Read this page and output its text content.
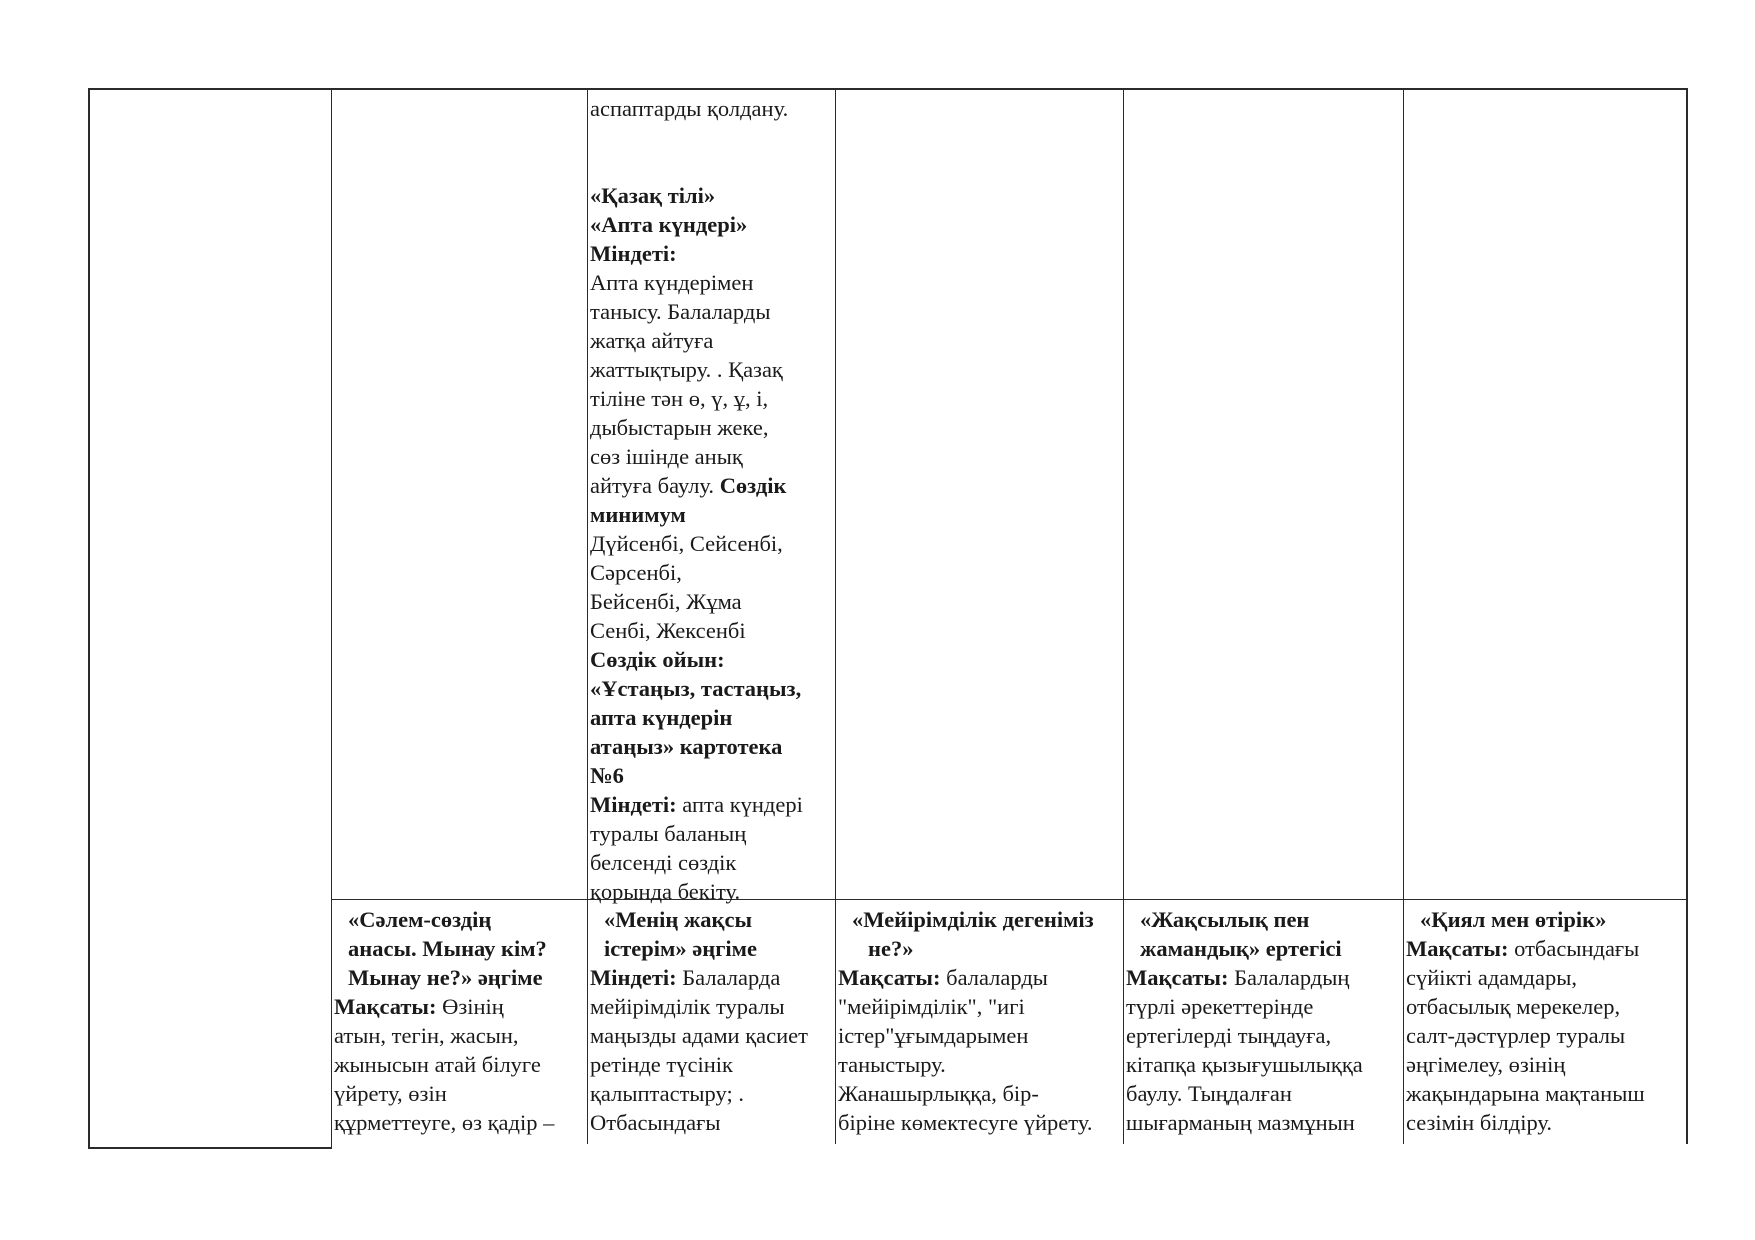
аспаптарды қолдану.

«Қазақ тілі»

«Апта күндері»

Міндеті:

Апта күндерімен

танысу. Балаларды

жатқа айтуға

жаттықтыру. . Қазақ

тіліне тән ө, ү, ұ, і,

дыбыстарын жеке,

сөз ішінде анық

айтуға баулу. Сөздік

минимум

Дүйсенбі, Сейсенбі,

Сәрсенбі,

Бейсенбі, Жұма

Сенбі, Жексенбі

Сөздік ойын:

«Ұстаңыз, тастаңыз,

апта күндерін

атаңыз» картотека

№6

Міндеті: апта күндері

туралы баланың

белсенді сөздік

қорында бекіту.

«Сәлем-сөздің

анасы. Мынау кім?

Мынау не?» әңгіме

Мақсаты: Өзінің

атын, тегін, жасын,

жынысын атай білуге

үйрету, өзін

құрметтеуге, өз қадір –

«Менің жақсы

істерім» әңгіме

Міндеті: Балаларда

мейірімділік туралы

маңызды адами қасиет

ретінде түсінік

қалыптастыру; .

Отбасындағы

«Мейірімділік дегеніміз

не?»

Мақсаты: балаларды

"мейірімділік", "игі

істер"ұғымдарымен

таныстыру.

Жанашырлыққа, бір-

біріне көмектесуге үйрету.

«Жақсылық пен

жамандық» ертегісі

Мақсаты: Балалардың

түрлі әрекеттерінде

ертегілерді тыңдауға,

кітапқа қызығушылыққа

баулу. Тыңдалған

шығарманың мазмұнын

«Қиял мен өтірік»

Мақсаты: отбасындағы

сүйікті адамдары,

отбасылық мерекелер,

салт-дәстүрлер туралы

әңгімелеу, өзінің

жақындарына мақтаныш

сезімін білдіру.
